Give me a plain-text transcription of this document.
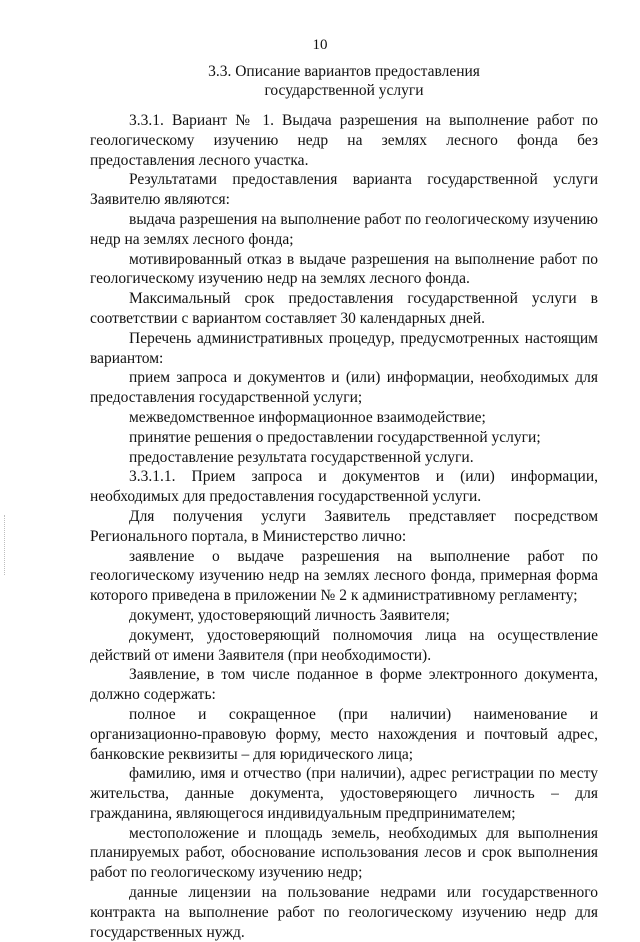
10
3.3. Описание вариантов предоставления
государственной услуги

3.3.1. Вариант № 1. Выдача разрешения на выполнение работ по геологическому изучению недр на землях лесного фонда без предоставления лесного участка.

Результатами предоставления варианта государственной услуги Заявителю являются:

выдача разрешения на выполнение работ по геологическому изучению недр на землях лесного фонда;

мотивированный отказ в выдаче разрешения на выполнение работ по геологическому изучению недр на землях лесного фонда.

Максимальный срок предоставления государственной услуги в соответствии с вариантом составляет 30 календарных дней.

Перечень административных процедур, предусмотренных настоящим вариантом:

прием запроса и документов и (или) информации, необходимых для предоставления государственной услуги;

межведомственное информационное взаимодействие;

принятие решения о предоставлении государственной услуги;

предоставление результата государственной услуги.

3.3.1.1. Прием запроса и документов и (или) информации, необходимых для предоставления государственной услуги.

Для получения услуги Заявитель представляет посредством Регионального портала, в Министерство лично:

заявление о выдаче разрешения на выполнение работ по геологическому изучению недр на землях лесного фонда, примерная форма которого приведена в приложении № 2 к административному регламенту;

документ, удостоверяющий личность Заявителя;

документ, удостоверяющий полномочия лица на осуществление действий от имени Заявителя (при необходимости).

Заявление, в том числе поданное в форме электронного документа, должно содержать:

полное и сокращенное (при наличии) наименование и организационно-правовую форму, место нахождения и почтовый адрес, банковские реквизиты – для юридического лица;

фамилию, имя и отчество (при наличии), адрес регистрации по месту жительства, данные документа, удостоверяющего личность – для гражданина, являющегося индивидуальным предпринимателем;

местоположение и площадь земель, необходимых для выполнения планируемых работ, обоснование использования лесов и срок выполнения работ по геологическому изучению недр;

данные лицензии на пользование недрами или государственного контракта на выполнение работ по геологическому изучению недр для государственных нужд.
